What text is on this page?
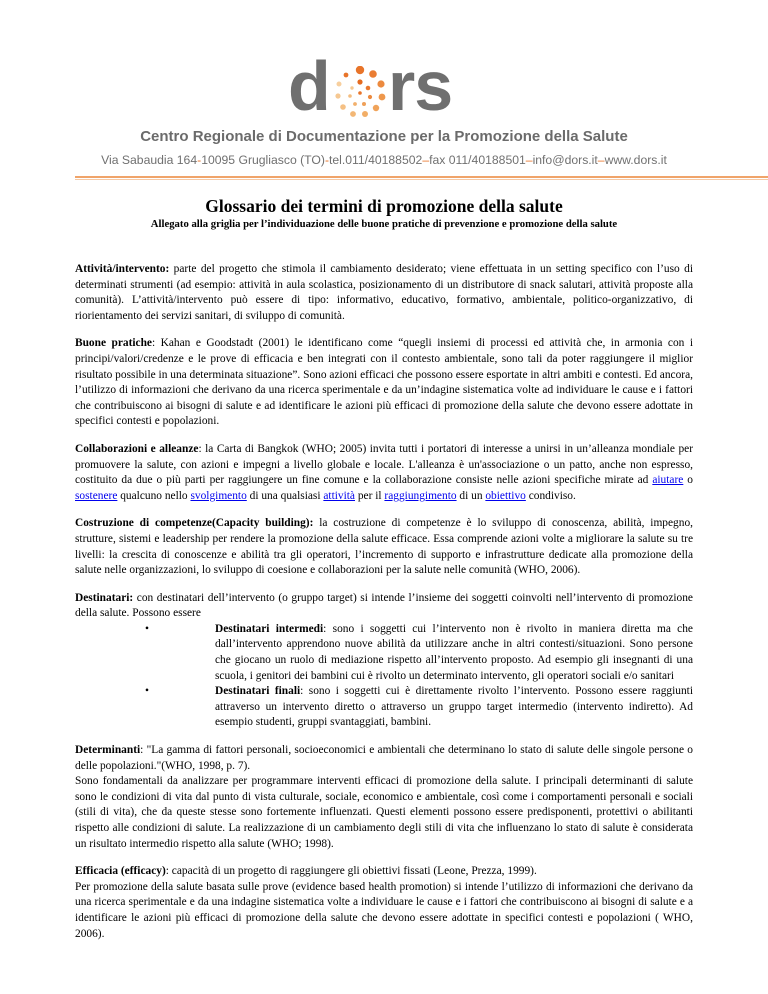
d rs
Centro Regionale di Documentazione per la Promozione della Salute
Via Sabaudia 164-10095 Grugliasco (TO)-tel.011/40188502–fax 011/40188501–info@dors.it–www.dors.it
Glossario dei termini di promozione della salute
Allegato alla griglia per l’individuazione delle buone pratiche di prevenzione e promozione della salute

Attività/intervento: parte del progetto che stimola il cambiamento desiderato; viene effettuata in un setting specifico con l’uso di determinati strumenti (ad esempio: attività in aula scolastica, posizionamento di un distributore di snack salutari, attività proposte alla comunità). L’attività/intervento può essere di tipo: informativo, educativo, formativo, ambientale, politico-organizzativo, di riorientamento dei servizi sanitari, di sviluppo di comunità.

Buone pratiche: Kahan e Goodstadt (2001) le identificano come “quegli insiemi di processi ed attività che, in armonia con i principi/valori/credenze e le prove di efficacia e ben integrati con il contesto ambientale, sono tali da poter raggiungere il miglior risultato possibile in una determinata situazione”. Sono azioni efficaci che possono essere esportate in altri ambiti e contesti. Ed ancora, l’utilizzo di informazioni che derivano da una ricerca sperimentale e da un’indagine sistematica volte ad individuare le cause e i fattori che contribuiscono ai bisogni di salute e ad identificare le azioni più efficaci di promozione della salute che devono essere adottate in specifici contesti e popolazioni.

Collaborazioni e alleanze: la Carta di Bangkok (WHO; 2005) invita tutti i portatori di interesse a unirsi in un’alleanza mondiale per promuovere la salute, con azioni e impegni a livello globale e locale. L'alleanza è un'associazione o un patto, anche non espresso, costituito da due o più parti per raggiungere un fine comune e la collaborazione consiste nelle azioni specifiche mirate ad aiutare o sostenere qualcuno nello svolgimento di una qualsiasi attività per il raggiungimento di un obiettivo condiviso.

Costruzione di competenze(Capacity building): la costruzione di competenze è lo sviluppo di conoscenza, abilità, impegno, strutture, sistemi e leadership per rendere la promozione della salute efficace. Essa comprende azioni volte a migliorare la salute su tre livelli: la crescita di conoscenze e abilità tra gli operatori, l’incremento di supporto e infrastrutture dedicate alla promozione della salute nelle organizzazioni, lo sviluppo di coesione e collaborazioni per la salute nelle comunità (WHO, 2006).

Destinatari: con destinatari dell’intervento (o gruppo target) si intende l’insieme dei soggetti coinvolti nell’intervento di promozione della salute. Possono essere

•	Destinatari intermedi: sono i soggetti cui l’intervento non è rivolto in maniera diretta ma che dall’intervento apprendono nuove abilità da utilizzare anche in altri contesti/situazioni. Sono persone che giocano un ruolo di mediazione rispetto all’intervento proposto. Ad esempio gli insegnanti di una scuola, i genitori dei bambini cui è rivolto un determinato intervento, gli operatori sociali e/o sanitari
•	Destinatari finali: sono i soggetti cui è direttamente rivolto l’intervento. Possono essere raggiunti attraverso un intervento diretto o attraverso un gruppo target intermedio (intervento indiretto). Ad esempio studenti, gruppi svantaggiati, bambini.

Determinanti: "La gamma di fattori personali, socioeconomici e ambientali che determinano lo stato di salute delle singole persone o delle popolazioni."(WHO, 1998, p. 7).

Sono fondamentali da analizzare per programmare interventi efficaci di promozione della salute. I principali determinanti di salute sono le condizioni di vita dal punto di vista culturale, sociale, economico e ambientale, così come i comportamenti personali e sociali (stili di vita), che da queste stesse sono fortemente influenzati. Questi elementi possono essere predisponenti, protettivi o abilitanti rispetto alle condizioni di salute. La realizzazione di un cambiamento degli stili di vita che influenzano lo stato di salute è considerata un risultato intermedio rispetto alla salute (WHO; 1998).

Efficacia (efficacy): capacità di un progetto di raggiungere gli obiettivi fissati (Leone, Prezza, 1999).

Per promozione della salute basata sulle prove (evidence based health promotion) si intende l’utilizzo di informazioni che derivano da una ricerca sperimentale e da una indagine sistematica volte a individuare le cause e i fattori che contribuiscono ai bisogni di salute e a identificare le azioni più efficaci di promozione della salute che devono essere adottate in specifici contesti e popolazioni ( WHO, 2006).
